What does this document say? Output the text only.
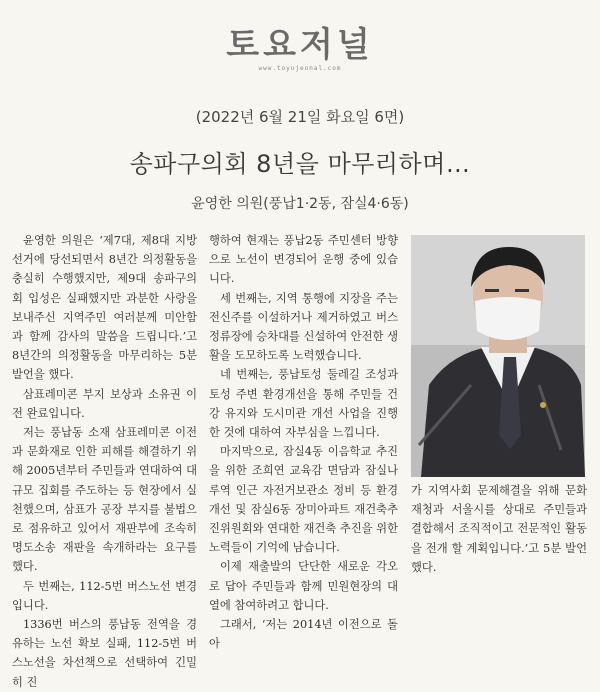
토요저널
www.toyojeonal.com
(2022년 6월 21일 화요일 6면)
송파구의회 8년을 마무리하며…
윤영한 의원(풍납1·2동, 잠실4·6동)

윤영한 의원은 ‘제7대, 제8대 지방선거에 당선되면서 8년간 의정활동을 충실히 수행했지만, 제9대 송파구의회 입성은 실패했지만 과분한 사랑을 보내주신 지역주민 여러분께 미안함과 함께 감사의 말씀을 드립니다.’고 8년간의 의정활동을 마무리하는 5분 발언을 했다.

삼표레미콘 부지 보상과 소유권 이전 완료입니다.

저는 풍납동 소재 삼표레미콘 이전과 문화재로 인한 피해를 해결하기 위해 2005년부터 주민들과 연대하여 대규모 집회를 주도하는 등 현장에서 실천했으며, 삼표가 공장 부지를 불법으로 점유하고 있어서 재판부에 조속히 명도소송 재판을 속개하라는 요구를 했다.

두 번째는, 112-5번 버스노선 변경입니다.

1336번 버스의 풍납동 전역을 경유하는 노선 확보 실패, 112-5번 버스노선을 차선책으로 선택하여 긴밀히 진

행하여 현재는 풍납2동 주민센터 방향으로 노선이 변경되어 운행 중에 있습니다.

세 번째는, 지역 통행에 지장을 주는 전신주를 이설하거나 제거하였고 버스정류장에 승차대를 신설하여 안전한 생활을 도모하도록 노력했습니다.

네 번째는, 풍납토성 둘레길 조성과 토성 주변 환경개선을 통해 주민들 건강 유지와 도시미관 개선 사업을 진행한 것에 대하여 자부심을 느낍니다.

마지막으로, 잠실4동 이음학교 추진을 위한 조희연 교육감 면담과 잠실나루역 인근 자전거보관소 정비 등 환경개선 및 잠실6동 장미아파트 재건축추진위원회와 연대한 재건축 추진을 위한 노력들이 기억에 남습니다.

이제 재출발의 단단한 새로운 각오로 답아 주민들과 함께 민원현장의 대열에 참여하려고 합니다.

그래서, ‘저는 2014년 이전으로 돌아

가 지역사회 문제해결을 위해 문화재청과 서울시를 상대로 주민들과 결합해서 조직적이고 전문적인 활동을 전개 할 계획입니다.’고 5분 발언했다.
